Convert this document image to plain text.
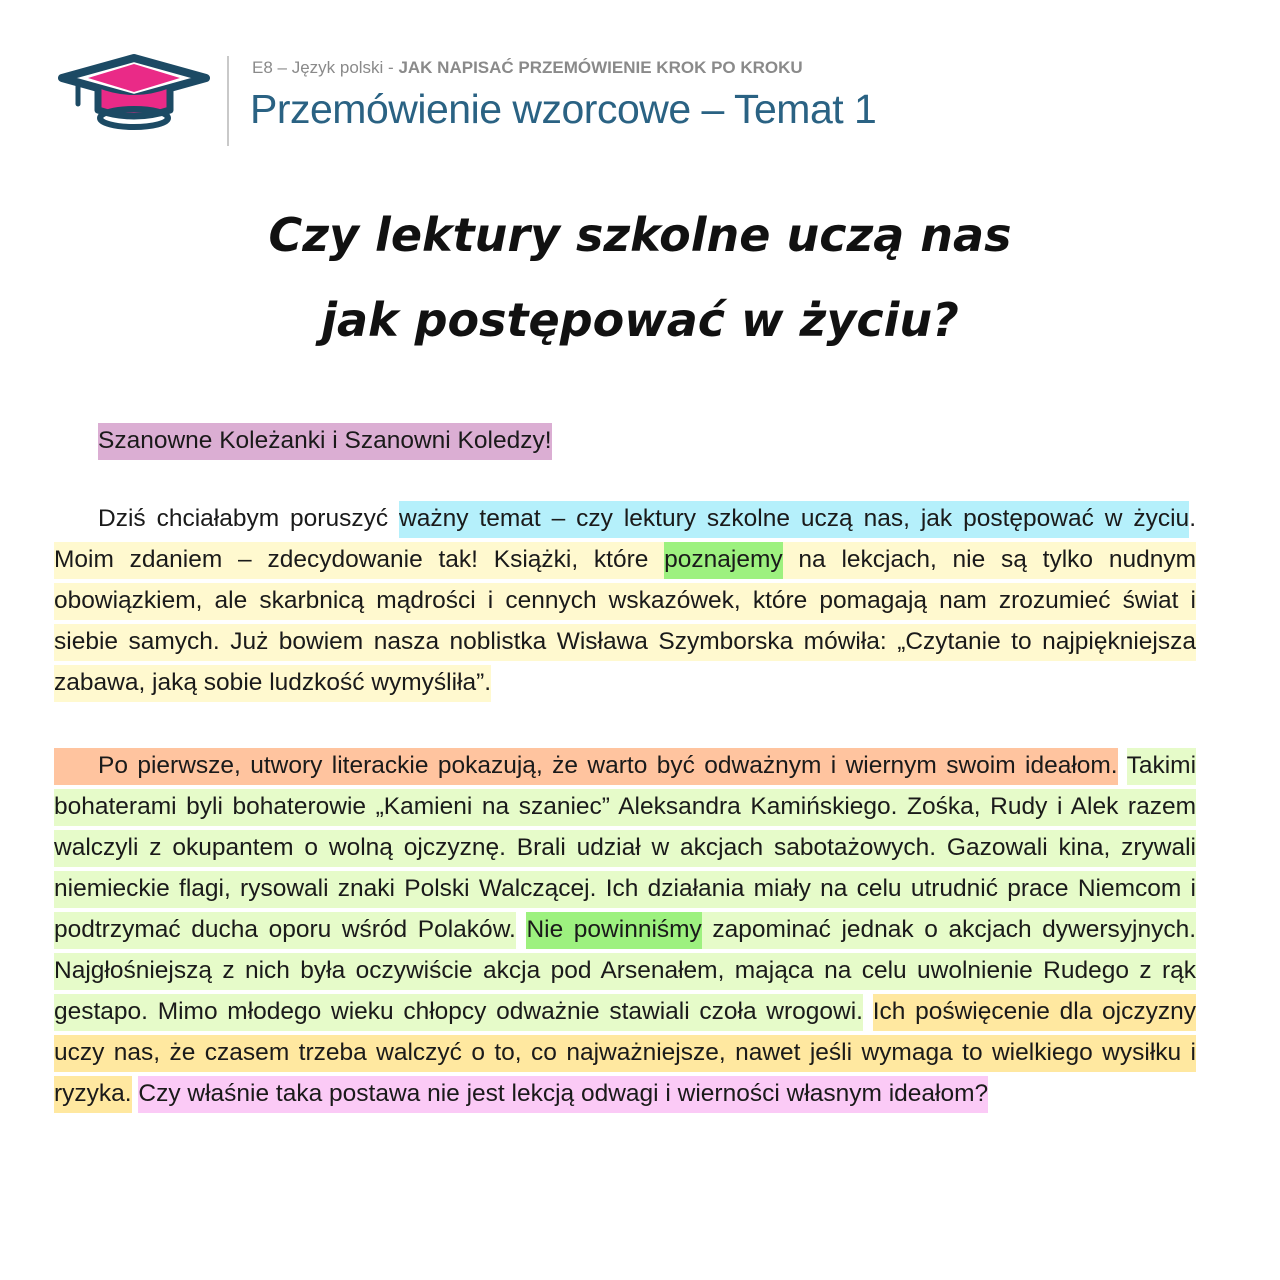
E8 – Język polski - JAK NAPISAĆ PRZEMÓWIENIE KROK PO KROKU
Przemówienie wzorcowe – Temat 1
Czy lektury szkolne uczą nas
jak postępować w życiu?
Szanowne Koleżanki i Szanowni Koledzy!
Dziś chciałabym poruszyć ważny temat – czy lektury szkolne uczą nas, jak postępować w życiu. Moim zdaniem – zdecydowanie tak! Książki, które poznajemy na lekcjach, nie są tylko nudnym obowiązkiem, ale skarbnicą mądrości i cennych wskazówek, które pomagają nam zrozumieć świat i siebie samych. Już bowiem nasza noblistka Wisława Szymborska mówiła: „Czytanie to najpiękniejsza zabawa, jaką sobie ludzkość wymyśliła”.
Po pierwsze, utwory literackie pokazują, że warto być odważnym i wiernym swoim ideałom. Takimi bohaterami byli bohaterowie „Kamieni na szaniec” Aleksandra Kamińskiego. Zośka, Rudy i Alek razem walczyli z okupantem o wolną ojczyznę. Brali udział w akcjach sabotażowych. Gazowali kina, zrywali niemieckie flagi, rysowali znaki Polski Walczącej. Ich działania miały na celu utrudnić prace Niemcom i podtrzymać ducha oporu wśród Polaków. Nie powinniśmy zapominać jednak o akcjach dywersyjnych. Najgłośniejszą z nich była oczywiście akcja pod Arsenałem, mająca na celu uwolnienie Rudego z rąk gestapo. Mimo młodego wieku chłopcy odważnie stawiali czoła wrogowi. Ich poświęcenie dla ojczyzny uczy nas, że czasem trzeba walczyć o to, co najważniejsze, nawet jeśli wymaga to wielkiego wysiłku i ryzyka. Czy właśnie taka postawa nie jest lekcją odwagi i wierności własnym ideałom?
